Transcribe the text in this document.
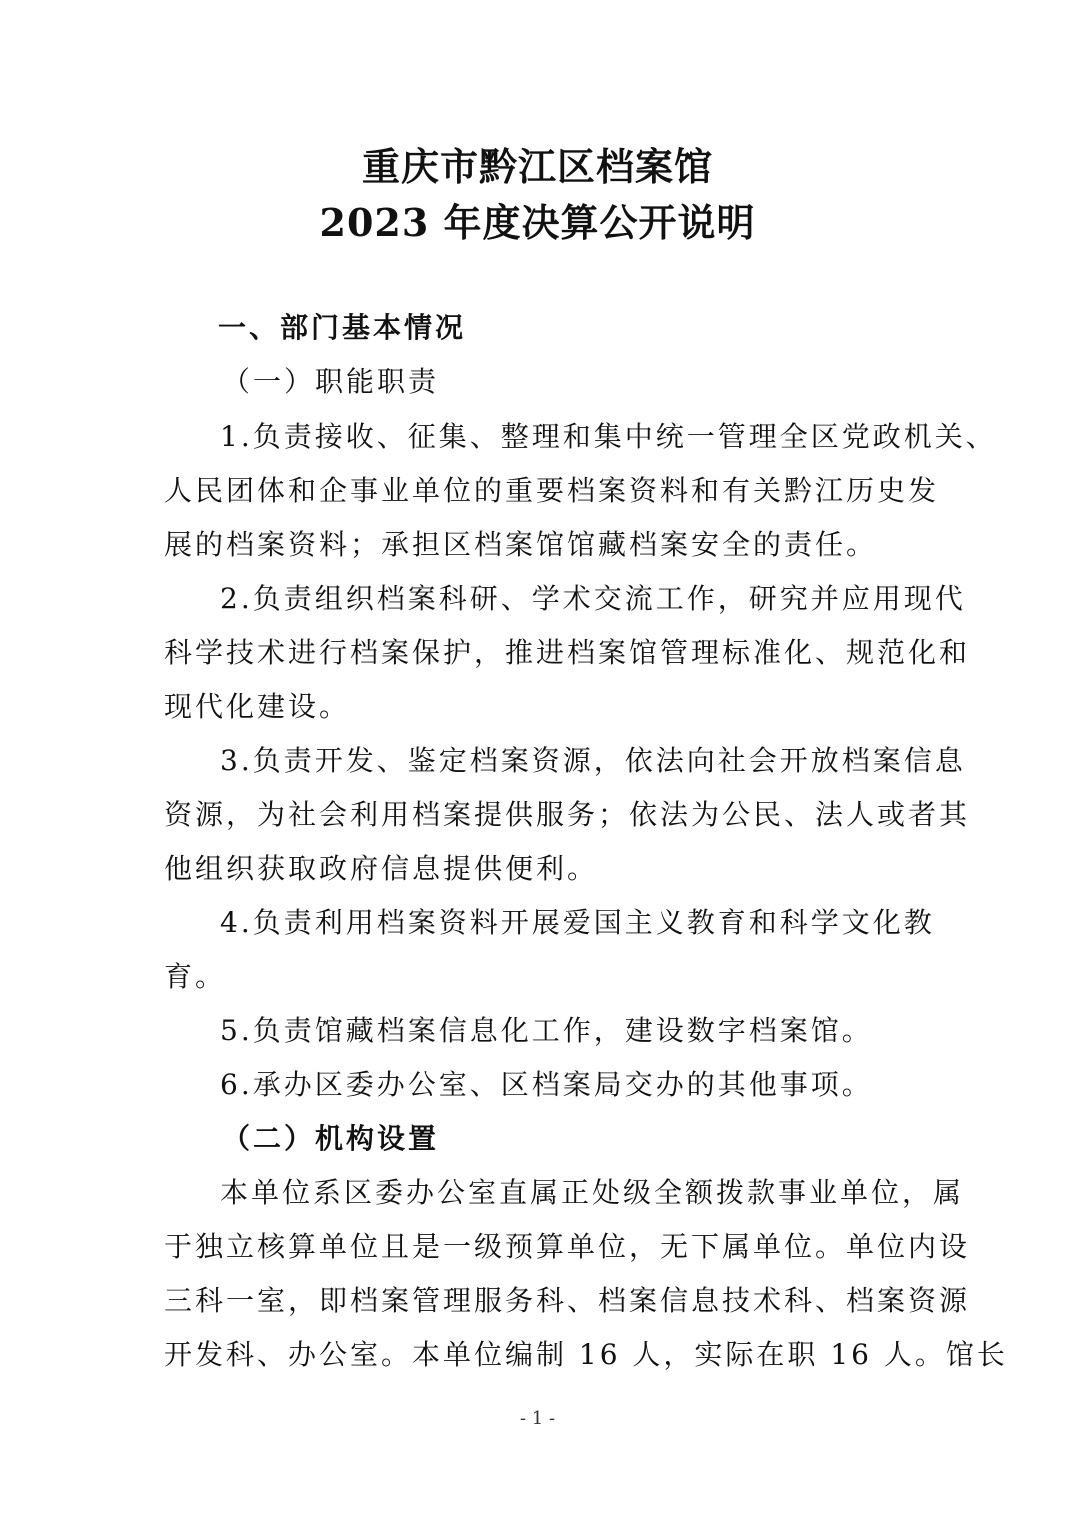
重庆市黔江区档案馆
2023 年度决算公开说明

一、部门基本情况

（一）职能职责

1.负责接收、征集、整理和集中统一管理全区党政机关、

人民团体和企事业单位的重要档案资料和有关黔江历史发

展的档案资料；承担区档案馆馆藏档案安全的责任。

2.负责组织档案科研、学术交流工作，研究并应用现代

科学技术进行档案保护，推进档案馆管理标准化、规范化和

现代化建设。

3.负责开发、鉴定档案资源，依法向社会开放档案信息

资源，为社会利用档案提供服务；依法为公民、法人或者其

他组织获取政府信息提供便利。

4.负责利用档案资料开展爱国主义教育和科学文化教

育。

5.负责馆藏档案信息化工作，建设数字档案馆。

6.承办区委办公室、区档案局交办的其他事项。

（二）机构设置

本单位系区委办公室直属正处级全额拨款事业单位，属

于独立核算单位且是一级预算单位，无下属单位。单位内设

三科一室，即档案管理服务科、档案信息技术科、档案资源

开发科、办公室。本单位编制 16 人，实际在职 16 人。馆长

- 1 -
